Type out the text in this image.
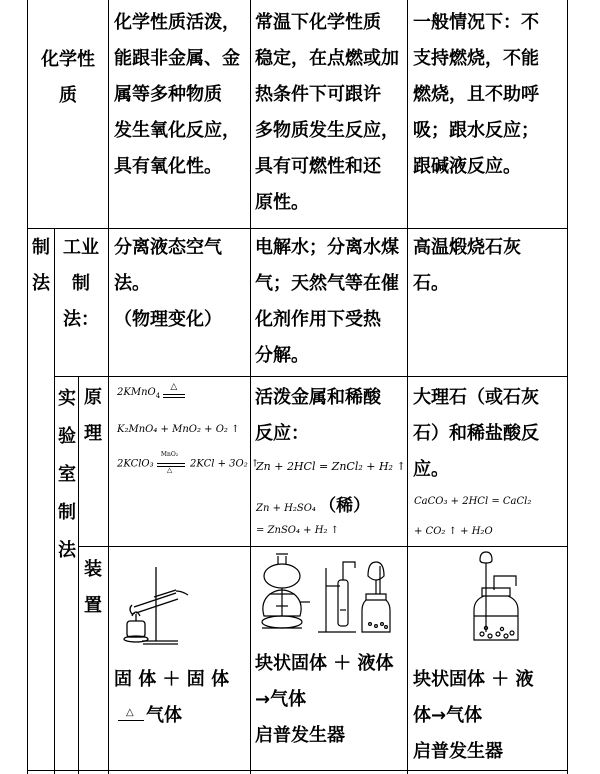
化学性
质
化学性质活泼，
能跟非金属、金
属等多种物质
发生氧化反应，
具有氧化性。
常温下化学性质
稳定，在点燃或加
热条件下可跟许
多物质发生反应，
具有可燃性和还
原性。
一般情况下：不
支持燃烧，不能
燃烧，且不助呼
吸；跟水反应；
跟碱液反应。
制
法
工业
制
法：
分离液态空气
法。
（物理变化）
电解水；分离水煤
气；天然气等在催
化剂作用下受热
分解。
高温煅烧石灰
石。
实
验
室
制
法
原
理
2KMnO$_4$
△
K₂MnO₄ + MnO₂ + O₂ ↑
2KClO₃
MnO₂
△
2KCl + 3O₂ ↑
活泼金属和稀酸
反应：
Zn + 2HCl = ZnCl₂ + H₂ ↑
Zn + H₂SO₄ （稀）
= ZnSO₄ + H₂ ↑
大理石（或石灰
石）和稀盐酸反
应。
CaCO₃ + 2HCl = CaCl₂
+ CO₂ ↑ + H₂O
装
置
固 体 ＋ 固 体
△ 气体
块状固体 ＋ 液体
→气体
启普发生器
块状固体 ＋ 液
体→气体
启普发生器
